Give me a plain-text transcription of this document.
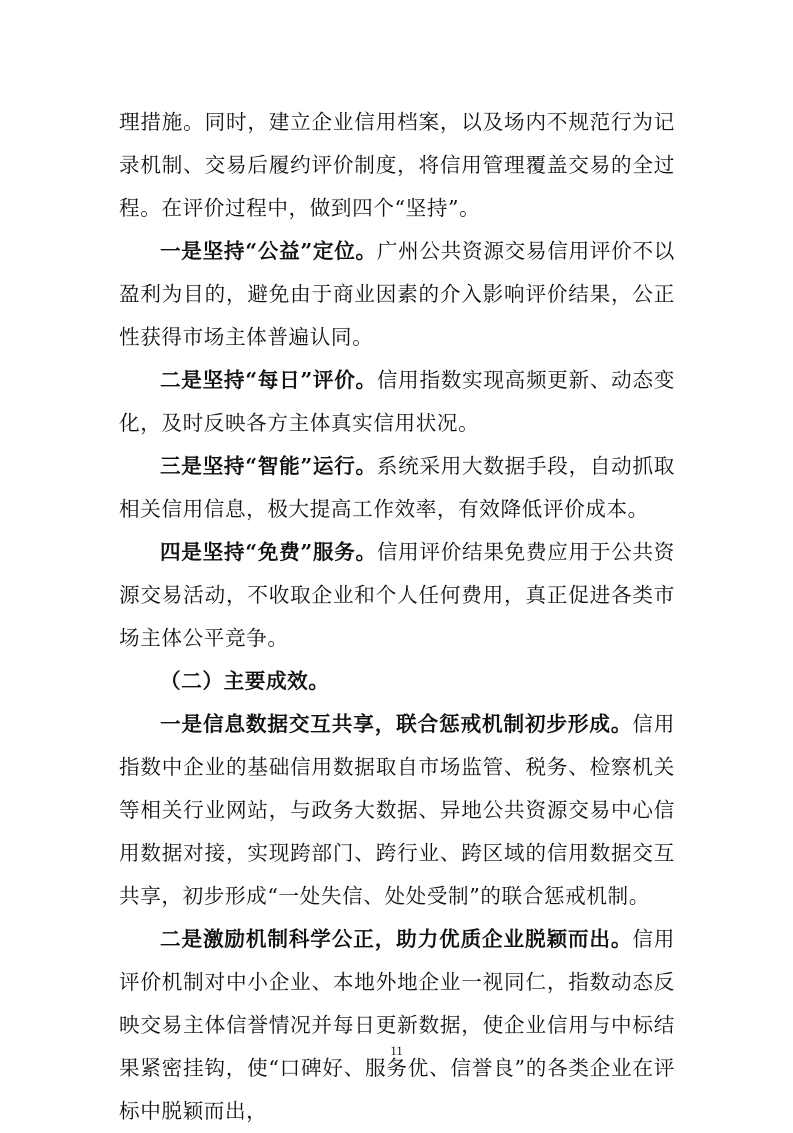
理措施。同时，建立企业信用档案，以及场内不规范行为记录机制、交易后履约评价制度，将信用管理覆盖交易的全过程。在评价过程中，做到四个“坚持”。

一是坚持“公益”定位。广州公共资源交易信用评价不以盈利为目的，避免由于商业因素的介入影响评价结果，公正性获得市场主体普遍认同。

二是坚持“每日”评价。信用指数实现高频更新、动态变化，及时反映各方主体真实信用状况。

三是坚持“智能”运行。系统采用大数据手段，自动抓取相关信用信息，极大提高工作效率，有效降低评价成本。

四是坚持“免费”服务。信用评价结果免费应用于公共资源交易活动，不收取企业和个人任何费用，真正促进各类市场主体公平竞争。

（二）主要成效。

一是信息数据交互共享，联合惩戒机制初步形成。信用指数中企业的基础信用数据取自市场监管、税务、检察机关等相关行业网站，与政务大数据、异地公共资源交易中心信用数据对接，实现跨部门、跨行业、跨区域的信用数据交互共享，初步形成“一处失信、处处受制”的联合惩戒机制。

二是激励机制科学公正，助力优质企业脱颖而出。信用评价机制对中小企业、本地外地企业一视同仁，指数动态反映交易主体信誉情况并每日更新数据，使企业信用与中标结果紧密挂钩，使“口碑好、服务优、信誉良”的各类企业在评标中脱颖而出，

11
